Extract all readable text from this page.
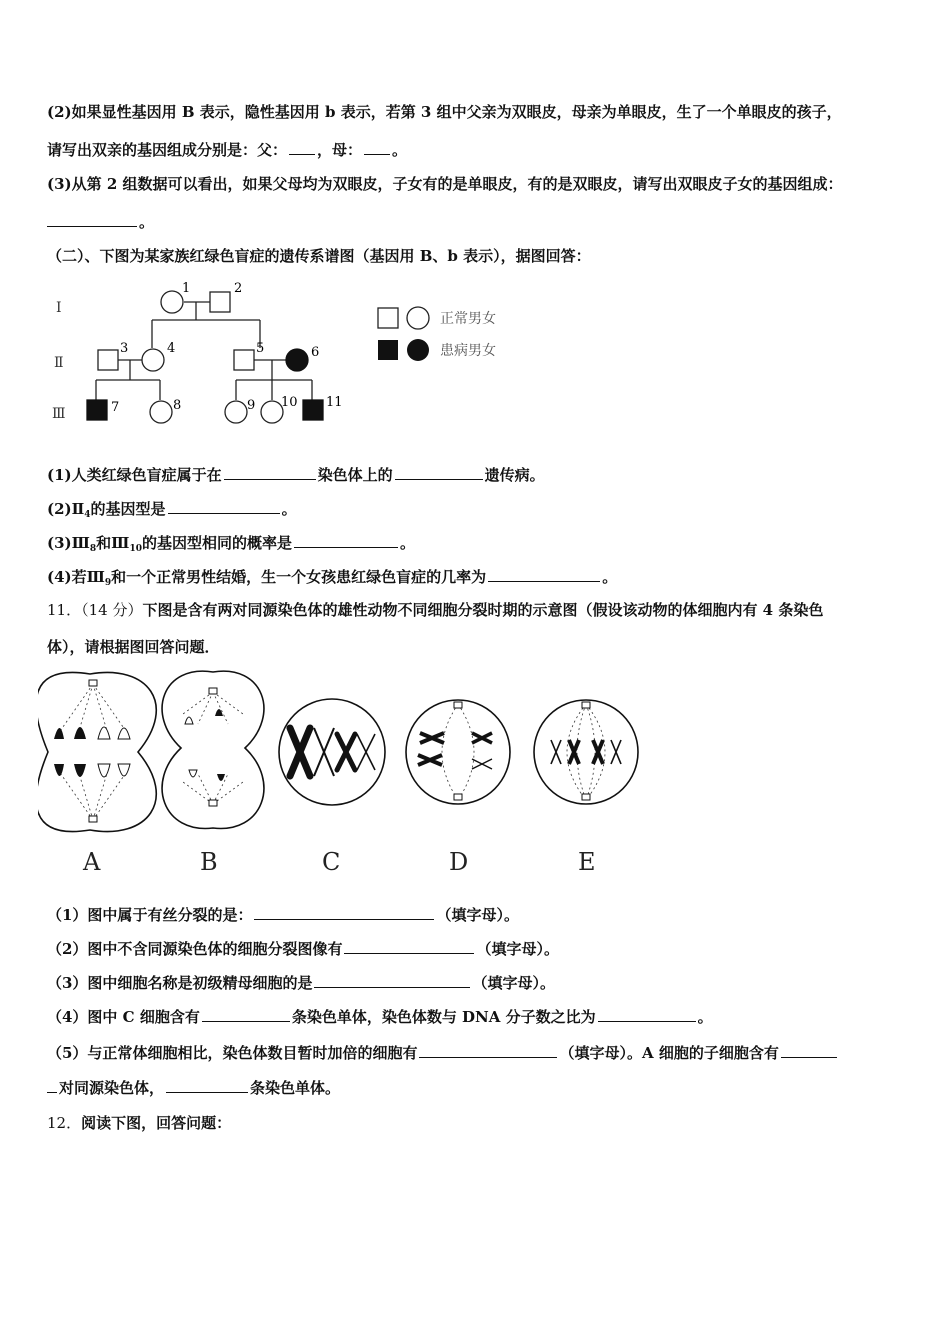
(2)如果显性基因用 B 表示，隐性基因用 b 表示，若第 3 组中父亲为双眼皮，母亲为单眼皮，生了一个单眼皮的孩子，
请写出双亲的基因组成分别是：父： ，母： 。
(3)从第 2 组数据可以看出，如果父母均为双眼皮，子女有的是单眼皮，有的是双眼皮，请写出双眼皮子女的基因组成：
。
（二）、下图为某家族红绿色盲症的遗传系谱图（基因用 B、b 表示），据图回答：
Ⅰ
Ⅱ
Ⅲ
1	2
3	4	5	6
7	8	9 10 11
正常男女
患病男女
(1)人类红绿色盲症属于在	染色体上的	遗传病。
$(2)Ⅱ_4$的基因型是	。
$(3)Ⅲ_8$和$Ⅲ_{10}$的基因型相同的概率是	。
(4)若$Ⅲ_9$和一个正常男性结婚，生一个女孩患红绿色盲症的几率为	。
11．（14 分）下图是含有两对同源染色体的雄性动物不同细胞分裂时期的示意图（假设该动物的体细胞内有 4 条染色
体），请根据图回答问题．
A	B	C	D	E
（1）图中属于有丝分裂的是：	（填字母）。
（2）图中不含同源染色体的细胞分裂图像有	（填字母）。
（3）图中细胞名称是初级精母细胞的是	（填字母）。
（4）图中 C 细胞含有	条染色单体，染色体数与 DNA 分子数之比为	。
（5）与正常体细胞相比，染色体数目暂时加倍的细胞有	（填字母）。A 细胞的子细胞含有
对同源染色体，	条染色单体。
12．阅读下图，回答问题：
